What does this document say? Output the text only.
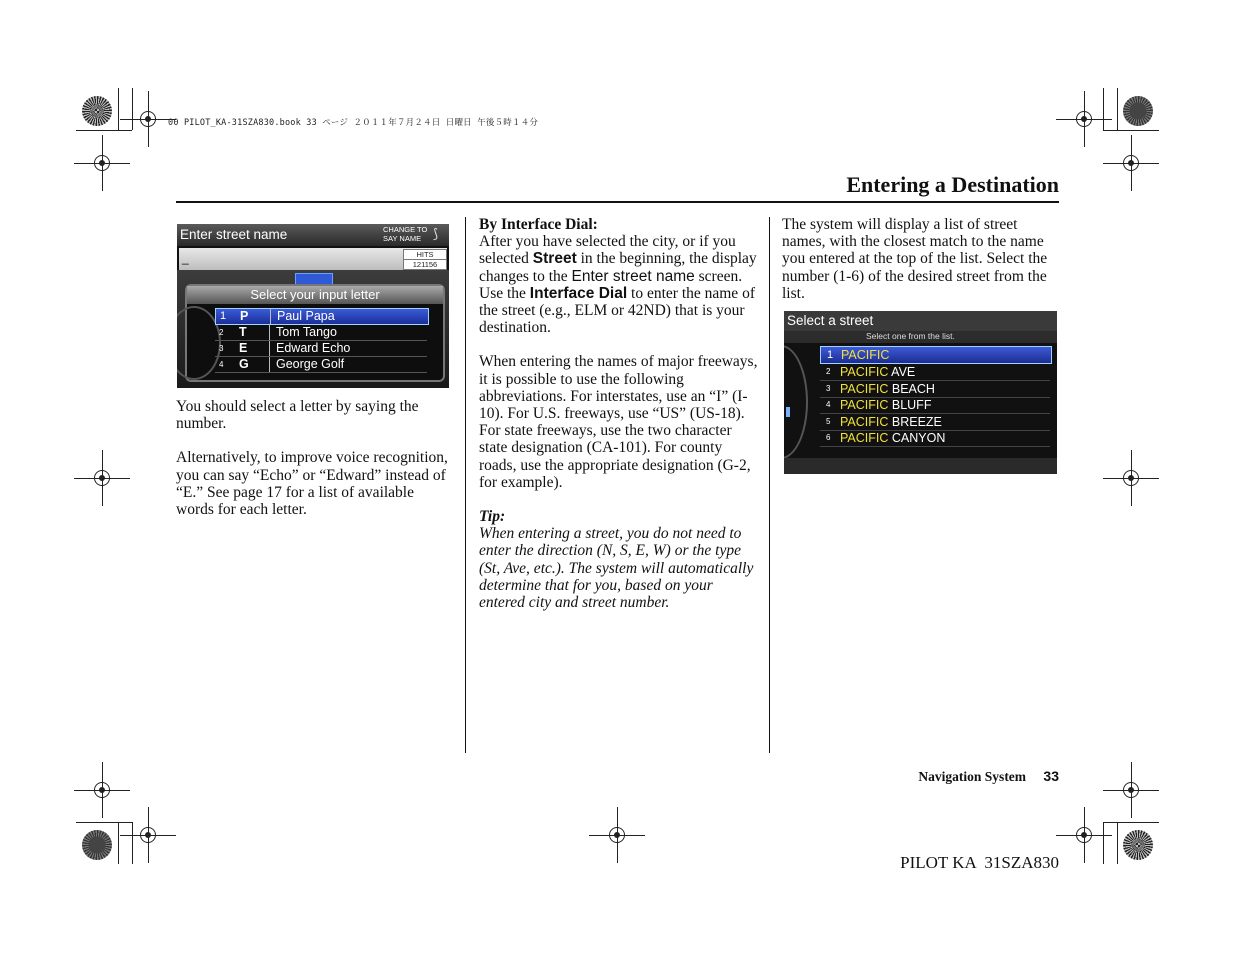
00 PILOT_KA-31SZA830.book 33 ページ ２０１１年７月２４日 日曜日 午後５時１４分
Entering a Destination
Enter street name	CHANGE TO
SAY NAME ⟆
_	HITS
121156
Select your input letter
1 P	Paul Papa
2 T	Tom Tango
3 E	Edward Echo
4 G	George Golf

You should select a letter by saying the number.

Alternatively, to improve voice recognition, you can say “Echo” or “Edward” instead of “E.” See page 17 for a list of available words for each letter.

By Interface Dial:

After you have selected the city, or if you selected Street in the beginning, the display changes to the Enter street name screen. Use the Interface Dial to enter the name of the street (e.g., ELM or 42ND) that is your destination.

When entering the names of major freeways, it is possible to use the following abbreviations. For interstates, use an “I” (I-10). For U.S. freeways, use “US” (US-18). For state freeways, use the two character state designation (CA-101). For county roads, use the appropriate designation (G-2, for example).

Tip:

When entering a street, you do not need to enter the direction (N, S, E, W) or the type (St, Ave, etc.). The system will automatically determine that for you, based on your entered city and street number.

The system will display a list of street names, with the closest match to the name you entered at the top of the list. Select the number (1-6) of the desired street from the list.

Select a street
Select one from the list.
1 PACIFIC
2 PACIFIC AVE
3 PACIFIC BEACH
4 PACIFIC BLUFF
5 PACIFIC BREEZE
6 PACIFIC CANYON
Navigation System 33
PILOT KA  31SZA830
